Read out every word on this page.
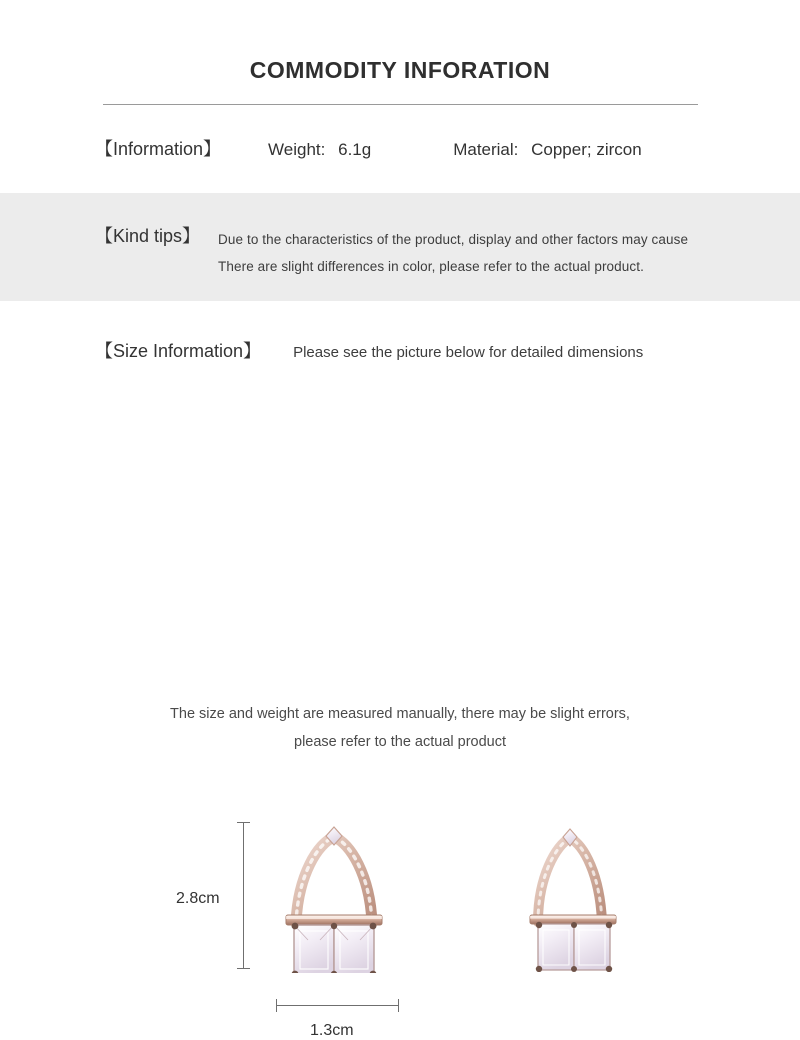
COMMODITY INFORATION
【Information】	Weight: 6.1g	Material: Copper; zircon
【Kind tips】 Due to the characteristics of the product, display and other factors may cause
There are slight differences in color, please refer to the actual product.
【Size Information】 Please see the picture below for detailed dimensions
2.8cm
1.3cm
The size and weight are measured manually, there may be slight errors,
please refer to the actual product
